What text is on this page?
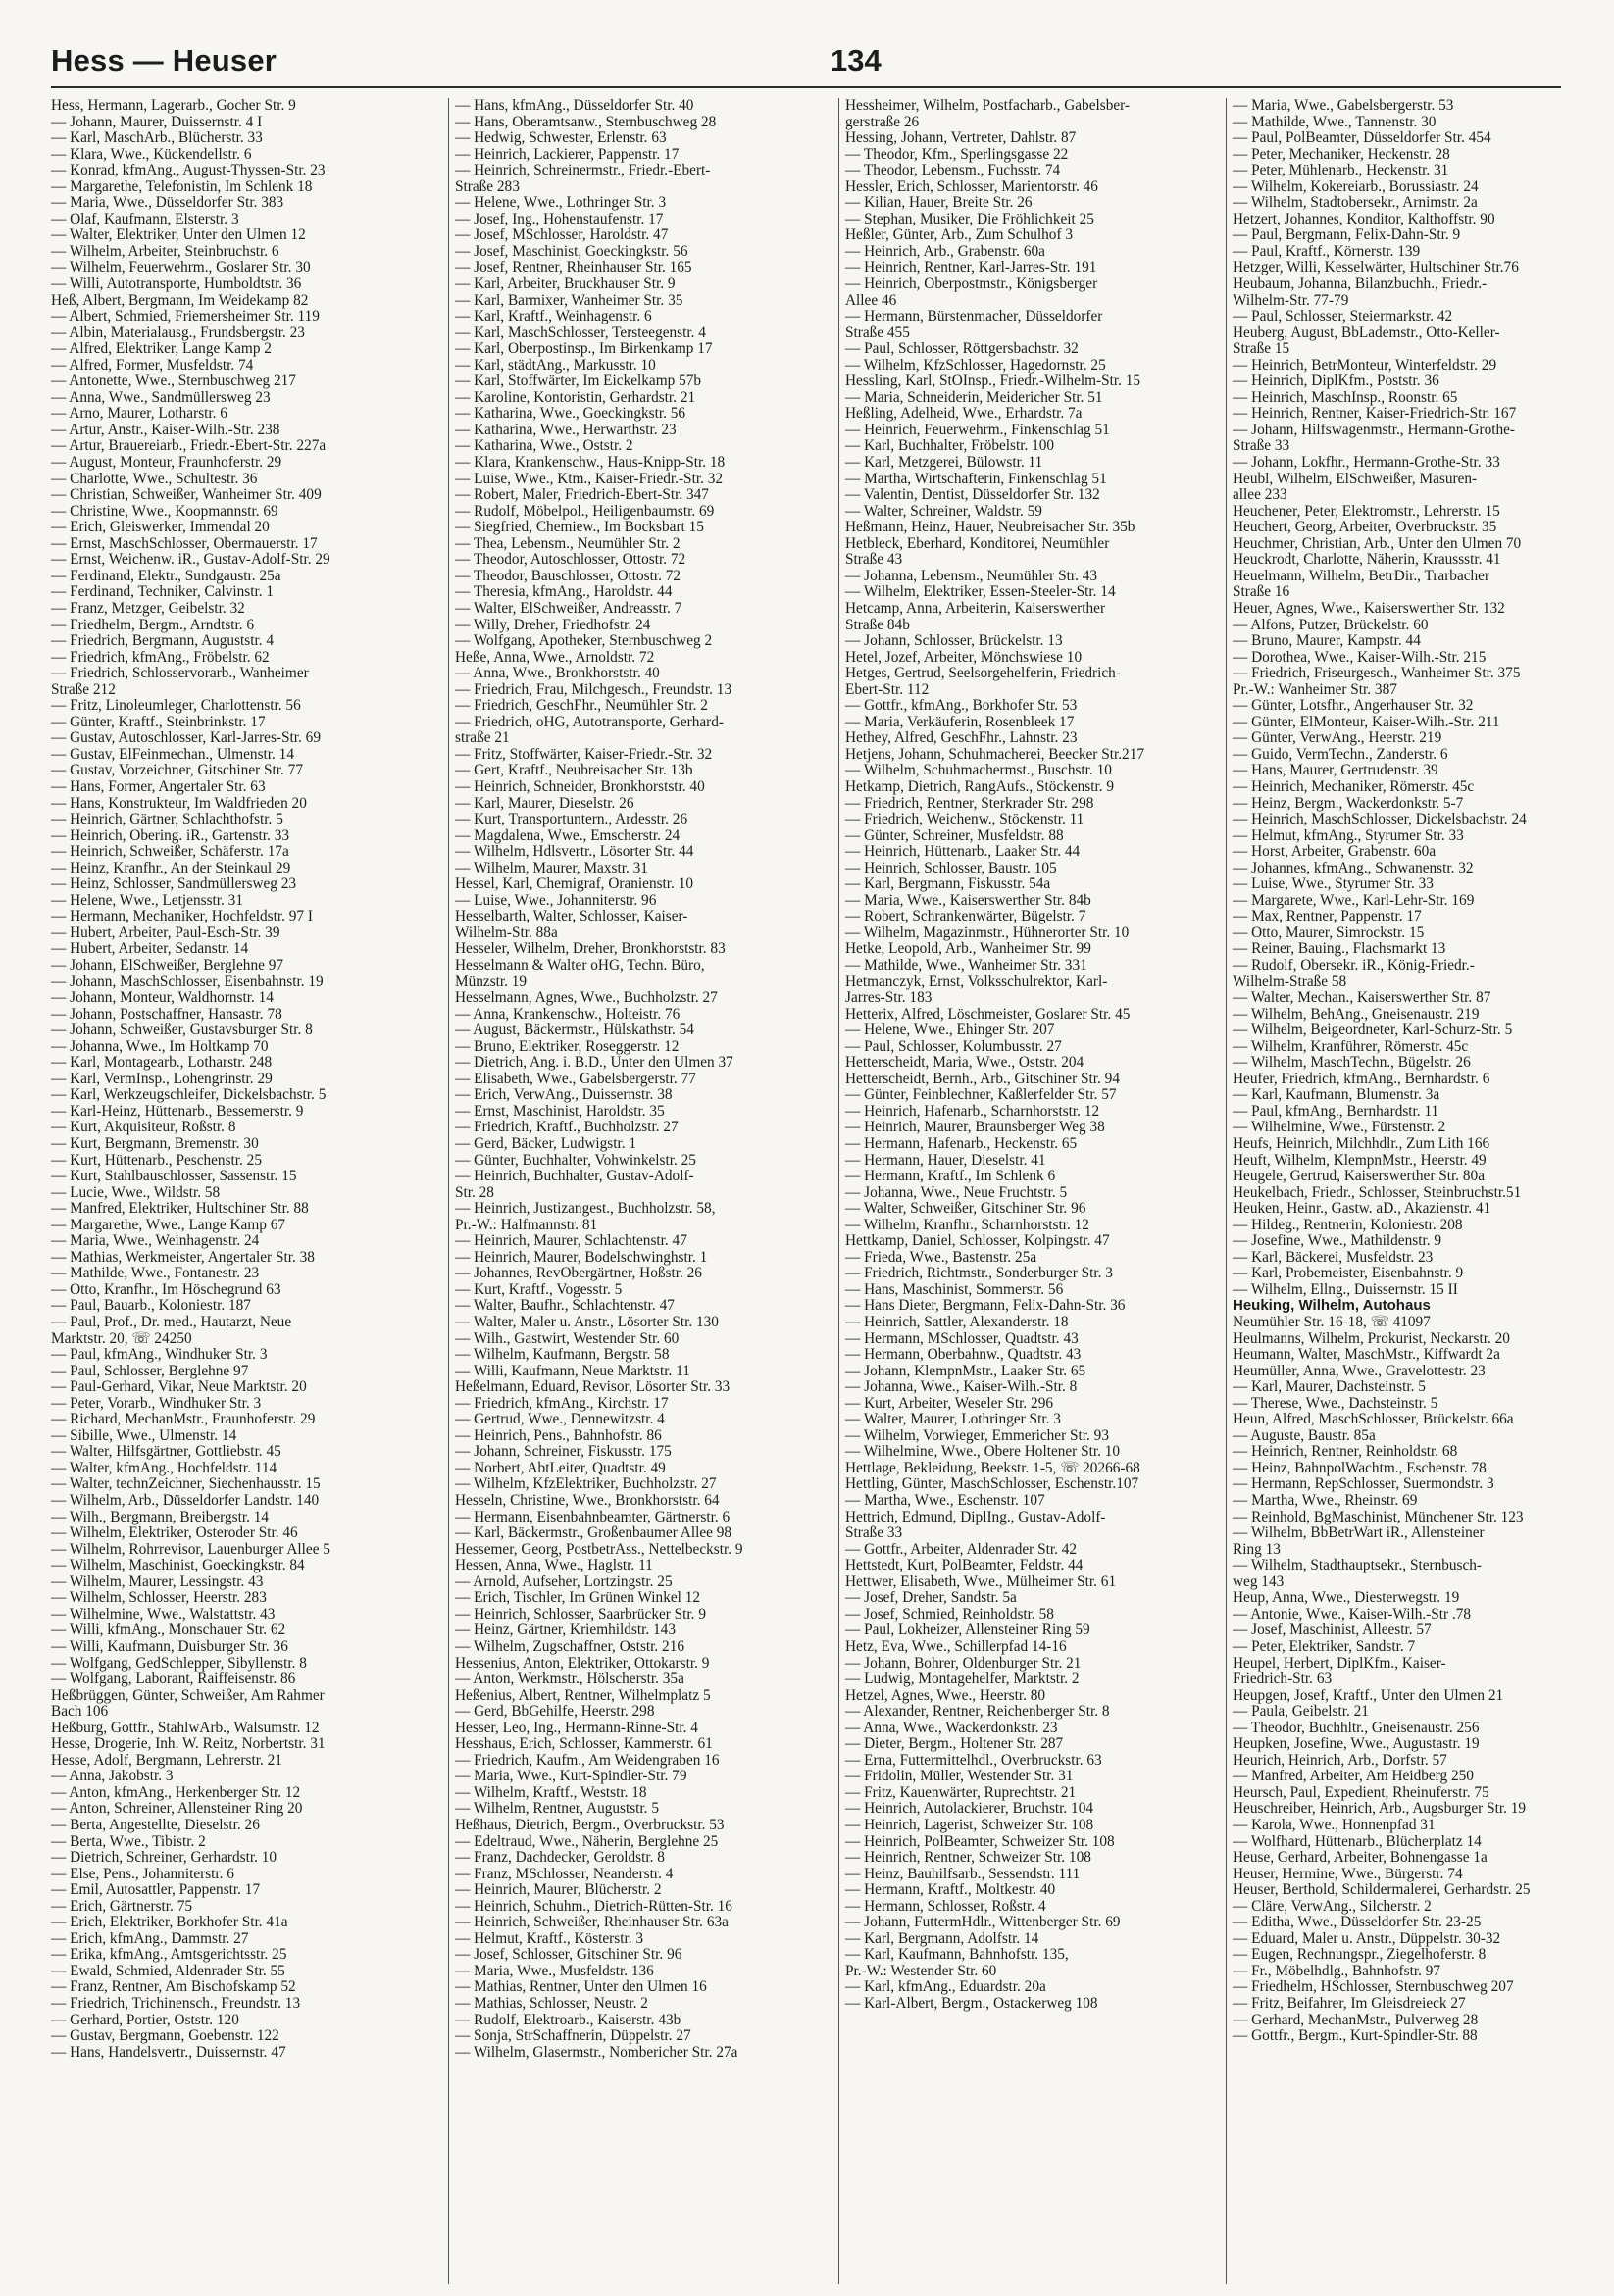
Hess — Heuser	134
Hess, Hermann, Lagerarb., Gocher Str. 9
— Johann, Maurer, Duissernstr. 4 I
— Karl, MaschArb., Blücherstr. 33
— Klara, Wwe., Kückendellstr. 6
— Konrad, kfmAng., August-Thyssen-Str. 23
— Margarethe, Telefonistin, Im Schlenk 18
— Maria, Wwe., Düsseldorfer Str. 383
— Olaf, Kaufmann, Elsterstr. 3
— Walter, Elektriker, Unter den Ulmen 12
— Wilhelm, Arbeiter, Steinbruchstr. 6
— Wilhelm, Feuerwehrm., Goslarer Str. 30
— Willi, Autotransporte, Humboldtstr. 36
Heß, Albert, Bergmann, Im Weidekamp 82
— Albert, Schmied, Friemersheimer Str. 119
— Albin, Materialausg., Frundsbergstr. 23
— Alfred, Elektriker, Lange Kamp 2
— Alfred, Former, Musfeldstr. 74
— Antonette, Wwe., Sternbuschweg 217
— Anna, Wwe., Sandmüllersweg 23
— Arno, Maurer, Lotharstr. 6
— Artur, Anstr., Kaiser-Wilh.-Str. 238
— Artur, Brauereiarb., Friedr.-Ebert-Str. 227a
— August, Monteur, Fraunhoferstr. 29
— Charlotte, Wwe., Schultestr. 36
— Christian, Schweißer, Wanheimer Str. 409
— Christine, Wwe., Koopmannstr. 69
— Erich, Gleiswerker, Immendal 20
— Ernst, MaschSchlosser, Obermauerstr. 17
— Ernst, Weichenw. iR., Gustav-Adolf-Str. 29
— Ferdinand, Elektr., Sundgaustr. 25a
— Ferdinand, Techniker, Calvinstr. 1
— Franz, Metzger, Geibelstr. 32
— Friedhelm, Bergm., Arndtstr. 6
— Friedrich, Bergmann, Auguststr. 4
— Friedrich, kfmAng., Fröbelstr. 62
— Friedrich, Schlosservorarb., Wanheimer
Straße 212
— Fritz, Linoleumleger, Charlottenstr. 56
— Günter, Kraftf., Steinbrinkstr. 17
— Gustav, Autoschlosser, Karl-Jarres-Str. 69
— Gustav, ElFeinmechan., Ulmenstr. 14
— Gustav, Vorzeichner, Gitschiner Str. 77
— Hans, Former, Angertaler Str. 63
— Hans, Konstrukteur, Im Waldfrieden 20
— Heinrich, Gärtner, Schlachthofstr. 5
— Heinrich, Obering. iR., Gartenstr. 33
— Heinrich, Schweißer, Schäferstr. 17a
— Heinz, Kranfhr., An der Steinkaul 29
— Heinz, Schlosser, Sandmüllersweg 23
— Helene, Wwe., Letjensstr. 31
— Hermann, Mechaniker, Hochfeldstr. 97 I
— Hubert, Arbeiter, Paul-Esch-Str. 39
— Hubert, Arbeiter, Sedanstr. 14
— Johann, ElSchweißer, Berglehne 97
— Johann, MaschSchlosser, Eisenbahnstr. 19
— Johann, Monteur, Waldhornstr. 14
— Johann, Postschaffner, Hansastr. 78
— Johann, Schweißer, Gustavsburger Str. 8
— Johanna, Wwe., Im Holtkamp 70
— Karl, Montagearb., Lotharstr. 248
— Karl, VermInsp., Lohengrinstr. 29
— Karl, Werkzeugschleifer, Dickelsbachstr. 5
— Karl-Heinz, Hüttenarb., Bessemerstr. 9
— Kurt, Akquisiteur, Roßstr. 8
— Kurt, Bergmann, Bremenstr. 30
— Kurt, Hüttenarb., Peschenstr. 25
— Kurt, Stahlbauschlosser, Sassenstr. 15
— Lucie, Wwe., Wildstr. 58
— Manfred, Elektriker, Hultschiner Str. 88
— Margarethe, Wwe., Lange Kamp 67
— Maria, Wwe., Weinhagenstr. 24
— Mathias, Werkmeister, Angertaler Str. 38
— Mathilde, Wwe., Fontanestr. 23
— Otto, Kranfhr., Im Höschegrund 63
— Paul, Bauarb., Koloniestr. 187
— Paul, Prof., Dr. med., Hautarzt, Neue
Marktstr. 20, ☏ 24250
— Paul, kfmAng., Windhuker Str. 3
— Paul, Schlosser, Berglehne 97
— Paul-Gerhard, Vikar, Neue Marktstr. 20
— Peter, Vorarb., Windhuker Str. 3
— Richard, MechanMstr., Fraunhoferstr. 29
— Sibille, Wwe., Ulmenstr. 14
— Walter, Hilfsgärtner, Gottliebstr. 45
— Walter, kfmAng., Hochfeldstr. 114
— Walter, technZeichner, Siechenhausstr. 15
— Wilhelm, Arb., Düsseldorfer Landstr. 140
— Wilh., Bergmann, Breibergstr. 14
— Wilhelm, Elektriker, Osteroder Str. 46
— Wilhelm, Rohrrevisor, Lauenburger Allee 5
— Wilhelm, Maschinist, Goeckingkstr. 84
— Wilhelm, Maurer, Lessingstr. 43
— Wilhelm, Schlosser, Heerstr. 283
— Wilhelmine, Wwe., Walstattstr. 43
— Willi, kfmAng., Monschauer Str. 62
— Willi, Kaufmann, Duisburger Str. 36
— Wolfgang, GedSchlepper, Sibyllenstr. 8
— Wolfgang, Laborant, Raiffeisenstr. 86
Heßbrüggen, Günter, Schweißer, Am Rahmer
Bach 106
Heßburg, Gottfr., StahlwArb., Walsumstr. 12
Hesse, Drogerie, Inh. W. Reitz, Norbertstr. 31
Hesse, Adolf, Bergmann, Lehrerstr. 21
— Anna, Jakobstr. 3
— Anton, kfmAng., Herkenberger Str. 12
— Anton, Schreiner, Allensteiner Ring 20
— Berta, Angestellte, Dieselstr. 26
— Berta, Wwe., Tibistr. 2
— Dietrich, Schreiner, Gerhardstr. 10
— Else, Pens., Johanniterstr. 6
— Emil, Autosattler, Pappenstr. 17
— Erich, Gärtnerstr. 75
— Erich, Elektriker, Borkhofer Str. 41a
— Erich, kfmAng., Dammstr. 27
— Erika, kfmAng., Amtsgerichtsstr. 25
— Ewald, Schmied, Aldenrader Str. 55
— Franz, Rentner, Am Bischofskamp 52
— Friedrich, Trichinensch., Freundstr. 13
— Gerhard, Portier, Oststr. 120
— Gustav, Bergmann, Goebenstr. 122
— Hans, Handelsvertr., Duissernstr. 47
— Hans, kfmAng., Düsseldorfer Str. 40
— Hans, Oberamtsanw., Sternbuschweg 28
— Hedwig, Schwester, Erlenstr. 63
— Heinrich, Lackierer, Pappenstr. 17
— Heinrich, Schreinermstr., Friedr.-Ebert-
Straße 283
— Helene, Wwe., Lothringer Str. 3
— Josef, Ing., Hohenstaufenstr. 17
— Josef, MSchlosser, Haroldstr. 47
— Josef, Maschinist, Goeckingkstr. 56
— Josef, Rentner, Rheinhauser Str. 165
— Karl, Arbeiter, Bruckhauser Str. 9
— Karl, Barmixer, Wanheimer Str. 35
— Karl, Kraftf., Weinhagenstr. 6
— Karl, MaschSchlosser, Tersteegenstr. 4
— Karl, Oberpostinsp., Im Birkenkamp 17
— Karl, städtAng., Markusstr. 10
— Karl, Stoffwärter, Im Eickelkamp 57b
— Karoline, Kontoristin, Gerhardstr. 21
— Katharina, Wwe., Goeckingkstr. 56
— Katharina, Wwe., Herwarthstr. 23
— Katharina, Wwe., Oststr. 2
— Klara, Krankenschw., Haus-Knipp-Str. 18
— Luise, Wwe., Ktm., Kaiser-Friedr.-Str. 32
— Robert, Maler, Friedrich-Ebert-Str. 347
— Rudolf, Möbelpol., Heiligenbaumstr. 69
— Siegfried, Chemiew., Im Bocksbart 15
— Thea, Lebensm., Neumühler Str. 2
— Theodor, Autoschlosser, Ottostr. 72
— Theodor, Bauschlosser, Ottostr. 72
— Theresia, kfmAng., Haroldstr. 44
— Walter, ElSchweißer, Andreasstr. 7
— Willy, Dreher, Friedhofstr. 24
— Wolfgang, Apotheker, Sternbuschweg 2
Heße, Anna, Wwe., Arnoldstr. 72
— Anna, Wwe., Bronkhorststr. 40
— Friedrich, Frau, Milchgesch., Freundstr. 13
— Friedrich, GeschFhr., Neumühler Str. 2
— Friedrich, oHG, Autotransporte, Gerhard-
straße 21
— Fritz, Stoffwärter, Kaiser-Friedr.-Str. 32
— Gert, Kraftf., Neubreisacher Str. 13b
— Heinrich, Schneider, Bronkhorststr. 40
— Karl, Maurer, Dieselstr. 26
— Kurt, Transportuntern., Ardesstr. 26
— Magdalena, Wwe., Emscherstr. 24
— Wilhelm, Hdlsvertr., Lösorter Str. 44
— Wilhelm, Maurer, Maxstr. 31
Hessel, Karl, Chemigraf, Oranienstr. 10
— Luise, Wwe., Johanniterstr. 96
Hesselbarth, Walter, Schlosser, Kaiser-
Wilhelm-Str. 88a
Hesseler, Wilhelm, Dreher, Bronkhorststr. 83
Hesselmann & Walter oHG, Techn. Büro,
Münzstr. 19
Hesselmann, Agnes, Wwe., Buchholzstr. 27
— Anna, Krankenschw., Holteistr. 76
— August, Bäckermstr., Hülskathstr. 54
— Bruno, Elektriker, Roseggerstr. 12
— Dietrich, Ang. i. B.D., Unter den Ulmen 37
— Elisabeth, Wwe., Gabelsbergerstr. 77
— Erich, VerwAng., Duissernstr. 38
— Ernst, Maschinist, Haroldstr. 35
— Friedrich, Kraftf., Buchholzstr. 27
— Gerd, Bäcker, Ludwigstr. 1
— Günter, Buchhalter, Vohwinkelstr. 25
— Heinrich, Buchhalter, Gustav-Adolf-
Str. 28
— Heinrich, Justizangest., Buchholzstr. 58,
Pr.-W.: Halfmannstr. 81
— Heinrich, Maurer, Schlachtenstr. 47
— Heinrich, Maurer, Bodelschwinghstr. 1
— Johannes, RevObergärtner, Hoßstr. 26
— Kurt, Kraftf., Vogesstr. 5
— Walter, Baufhr., Schlachtenstr. 47
— Walter, Maler u. Anstr., Lösorter Str. 130
— Wilh., Gastwirt, Westender Str. 60
— Wilhelm, Kaufmann, Bergstr. 58
— Willi, Kaufmann, Neue Marktstr. 11
Heßelmann, Eduard, Revisor, Lösorter Str. 33
— Friedrich, kfmAng., Kirchstr. 17
— Gertrud, Wwe., Dennewitzstr. 4
— Heinrich, Pens., Bahnhofstr. 86
— Johann, Schreiner, Fiskusstr. 175
— Norbert, AbtLeiter, Quadtstr. 49
— Wilhelm, KfzElektriker, Buchholzstr. 27
Hesseln, Christine, Wwe., Bronkhorststr. 64
— Hermann, Eisenbahnbeamter, Gärtnerstr. 6
— Karl, Bäckermstr., Großenbaumer Allee 98
Hessemer, Georg, PostbetrAss., Nettelbeckstr. 9
Hessen, Anna, Wwe., Haglstr. 11
— Arnold, Aufseher, Lortzingstr. 25
— Erich, Tischler, Im Grünen Winkel 12
— Heinrich, Schlosser, Saarbrücker Str. 9
— Heinz, Gärtner, Kriemhildstr. 143
— Wilhelm, Zugschaffner, Oststr. 216
Hessenius, Anton, Elektriker, Ottokarstr. 9
— Anton, Werkmstr., Hölscherstr. 35a
Heßenius, Albert, Rentner, Wilhelmplatz 5
— Gerd, BbGehilfe, Heerstr. 298
Hesser, Leo, Ing., Hermann-Rinne-Str. 4
Hesshaus, Erich, Schlosser, Kammerstr. 61
— Friedrich, Kaufm., Am Weidengraben 16
— Maria, Wwe., Kurt-Spindler-Str. 79
— Wilhelm, Kraftf., Weststr. 18
— Wilhelm, Rentner, Auguststr. 5
Heßhaus, Dietrich, Bergm., Overbruckstr. 53
— Edeltraud, Wwe., Näherin, Berglehne 25
— Franz, Dachdecker, Geroldstr. 8
— Franz, MSchlosser, Neanderstr. 4
— Heinrich, Maurer, Blücherstr. 2
— Heinrich, Schuhm., Dietrich-Rütten-Str. 16
— Heinrich, Schweißer, Rheinhauser Str. 63a
— Helmut, Kraftf., Kösterstr. 3
— Josef, Schlosser, Gitschiner Str. 96
— Maria, Wwe., Musfeldstr. 136
— Mathias, Rentner, Unter den Ulmen 16
— Mathias, Schlosser, Neustr. 2
— Rudolf, Elektroarb., Kaiserstr. 43b
— Sonja, StrSchaffnerin, Düppelstr. 27
— Wilhelm, Glasermstr., Nombericher Str. 27a
Hessheimer, Wilhelm, Postfacharb., Gabelsber-
gerstraße 26
Hessing, Johann, Vertreter, Dahlstr. 87
— Theodor, Kfm., Sperlingsgasse 22
— Theodor, Lebensm., Fuchsstr. 74
Hessler, Erich, Schlosser, Marientorstr. 46
— Kilian, Hauer, Breite Str. 26
— Stephan, Musiker, Die Fröhlichkeit 25
Heßler, Günter, Arb., Zum Schulhof 3
— Heinrich, Arb., Grabenstr. 60a
— Heinrich, Rentner, Karl-Jarres-Str. 191
— Heinrich, Oberpostmstr., Königsberger
Allee 46
— Hermann, Bürstenmacher, Düsseldorfer
Straße 455
— Paul, Schlosser, Röttgersbachstr. 32
— Wilhelm, KfzSchlosser, Hagedornstr. 25
Hessling, Karl, StOInsp., Friedr.-Wilhelm-Str. 15
— Maria, Schneiderin, Meidericher Str. 51
Heßling, Adelheid, Wwe., Erhardstr. 7a
— Heinrich, Feuerwehrm., Finkenschlag 51
— Karl, Buchhalter, Fröbelstr. 100
— Karl, Metzgerei, Bülowstr. 11
— Martha, Wirtschafterin, Finkenschlag 51
— Valentin, Dentist, Düsseldorfer Str. 132
— Walter, Schreiner, Waldstr. 59
Heßmann, Heinz, Hauer, Neubreisacher Str. 35b
Hetbleck, Eberhard, Konditorei, Neumühler
Straße 43
— Johanna, Lebensm., Neumühler Str. 43
— Wilhelm, Elektriker, Essen-Steeler-Str. 14
Hetcamp, Anna, Arbeiterin, Kaiserswerther
Straße 84b
— Johann, Schlosser, Brückelstr. 13
Hetel, Jozef, Arbeiter, Mönchswiese 10
Hetges, Gertrud, Seelsorgehelferin, Friedrich-
Ebert-Str. 112
— Gottfr., kfmAng., Borkhofer Str. 53
— Maria, Verkäuferin, Rosenbleek 17
Hethey, Alfred, GeschFhr., Lahnstr. 23
Hetjens, Johann, Schuhmacherei, Beecker Str.217
— Wilhelm, Schuhmachermst., Buschstr. 10
Hetkamp, Dietrich, RangAufs., Stöckenstr. 9
— Friedrich, Rentner, Sterkrader Str. 298
— Friedrich, Weichenw., Stöckenstr. 11
— Günter, Schreiner, Musfeldstr. 88
— Heinrich, Hüttenarb., Laaker Str. 44
— Heinrich, Schlosser, Baustr. 105
— Karl, Bergmann, Fiskusstr. 54a
— Maria, Wwe., Kaiserswerther Str. 84b
— Robert, Schrankenwärter, Bügelstr. 7
— Wilhelm, Magazinmstr., Hühnerorter Str. 10
Hetke, Leopold, Arb., Wanheimer Str. 99
— Mathilde, Wwe., Wanheimer Str. 331
Hetmanczyk, Ernst, Volksschulrektor, Karl-
Jarres-Str. 183
Hetterix, Alfred, Löschmeister, Goslarer Str. 45
— Helene, Wwe., Ehinger Str. 207
— Paul, Schlosser, Kolumbusstr. 27
Hetterscheidt, Maria, Wwe., Oststr. 204
Hetterscheidt, Bernh., Arb., Gitschiner Str. 94
— Günter, Feinblechner, Kaßlerfelder Str. 57
— Heinrich, Hafenarb., Scharnhorststr. 12
— Heinrich, Maurer, Braunsberger Weg 38
— Hermann, Hafenarb., Heckenstr. 65
— Hermann, Hauer, Dieselstr. 41
— Hermann, Kraftf., Im Schlenk 6
— Johanna, Wwe., Neue Fruchtstr. 5
— Walter, Schweißer, Gitschiner Str. 96
— Wilhelm, Kranfhr., Scharnhorststr. 12
Hettkamp, Daniel, Schlosser, Kolpingstr. 47
— Frieda, Wwe., Bastenstr. 25a
— Friedrich, Richtmstr., Sonderburger Str. 3
— Hans, Maschinist, Sommerstr. 56
— Hans Dieter, Bergmann, Felix-Dahn-Str. 36
— Heinrich, Sattler, Alexanderstr. 18
— Hermann, MSchlosser, Quadtstr. 43
— Hermann, Oberbahnw., Quadtstr. 43
— Johann, KlempnMstr., Laaker Str. 65
— Johanna, Wwe., Kaiser-Wilh.-Str. 8
— Kurt, Arbeiter, Weseler Str. 296
— Walter, Maurer, Lothringer Str. 3
— Wilhelm, Vorwieger, Emmericher Str. 93
— Wilhelmine, Wwe., Obere Holtener Str. 10
Hettlage, Bekleidung, Beekstr. 1-5, ☏ 20266-68
Hettling, Günter, MaschSchlosser, Eschenstr.107
— Martha, Wwe., Eschenstr. 107
Hettrich, Edmund, DiplIng., Gustav-Adolf-
Straße 33
— Gottfr., Arbeiter, Aldenrader Str. 42
Hettstedt, Kurt, PolBeamter, Feldstr. 44
Hettwer, Elisabeth, Wwe., Mülheimer Str. 61
— Josef, Dreher, Sandstr. 5a
— Josef, Schmied, Reinholdstr. 58
— Paul, Lokheizer, Allensteiner Ring 59
Hetz, Eva, Wwe., Schillerpfad 14-16
— Johann, Bohrer, Oldenburger Str. 21
— Ludwig, Montagehelfer, Marktstr. 2
Hetzel, Agnes, Wwe., Heerstr. 80
— Alexander, Rentner, Reichenberger Str. 8
— Anna, Wwe., Wackerdonkstr. 23
— Dieter, Bergm., Holtener Str. 287
— Erna, Futtermittelhdl., Overbruckstr. 63
— Fridolin, Müller, Westender Str. 31
— Fritz, Kauenwärter, Ruprechtstr. 21
— Heinrich, Autolackierer, Bruchstr. 104
— Heinrich, Lagerist, Schweizer Str. 108
— Heinrich, PolBeamter, Schweizer Str. 108
— Heinrich, Rentner, Schweizer Str. 108
— Heinz, Bauhilfsarb., Sessendstr. 111
— Hermann, Kraftf., Moltkestr. 40
— Hermann, Schlosser, Roßstr. 4
— Johann, FuttermHdlr., Wittenberger Str. 69
— Karl, Bergmann, Adolfstr. 14
— Karl, Kaufmann, Bahnhofstr. 135,
Pr.-W.: Westender Str. 60
— Karl, kfmAng., Eduardstr. 20a
— Karl-Albert, Bergm., Ostackerweg 108
— Maria, Wwe., Gabelsbergerstr. 53
— Mathilde, Wwe., Tannenstr. 30
— Paul, PolBeamter, Düsseldorfer Str. 454
— Peter, Mechaniker, Heckenstr. 28
— Peter, Mühlenarb., Heckenstr. 31
— Wilhelm, Kokereiarb., Borussiastr. 24
— Wilhelm, Stadtobersekr., Arnimstr. 2a
Hetzert, Johannes, Konditor, Kalthoffstr. 90
— Paul, Bergmann, Felix-Dahn-Str. 9
— Paul, Kraftf., Körnerstr. 139
Hetzger, Willi, Kesselwärter, Hultschiner Str.76
Heubaum, Johanna, Bilanzbuchh., Friedr.-
Wilhelm-Str. 77-79
— Paul, Schlosser, Steiermarkstr. 42
Heuberg, August, BbLademstr., Otto-Keller-
Straße 15
— Heinrich, BetrMonteur, Winterfeldstr. 29
— Heinrich, DiplKfm., Poststr. 36
— Heinrich, MaschInsp., Roonstr. 65
— Heinrich, Rentner, Kaiser-Friedrich-Str. 167
— Johann, Hilfswagenmstr., Hermann-Grothe-
Straße 33
— Johann, Lokfhr., Hermann-Grothe-Str. 33
Heubl, Wilhelm, ElSchweißer, Masuren-
allee 233
Heuchener, Peter, Elektromstr., Lehrerstr. 15
Heuchert, Georg, Arbeiter, Overbruckstr. 35
Heuchmer, Christian, Arb., Unter den Ulmen 70
Heuckrodt, Charlotte, Näherin, Kraussstr. 41
Heuelmann, Wilhelm, BetrDir., Trarbacher
Straße 16
Heuer, Agnes, Wwe., Kaiserswerther Str. 132
— Alfons, Putzer, Brückelstr. 60
— Bruno, Maurer, Kampstr. 44
— Dorothea, Wwe., Kaiser-Wilh.-Str. 215
— Friedrich, Friseurgesch., Wanheimer Str. 375
Pr.-W.: Wanheimer Str. 387
— Günter, Lotsfhr., Angerhauser Str. 32
— Günter, ElMonteur, Kaiser-Wilh.-Str. 211
— Günter, VerwAng., Heerstr. 219
— Guido, VermTechn., Zanderstr. 6
— Hans, Maurer, Gertrudenstr. 39
— Heinrich, Mechaniker, Römerstr. 45c
— Heinz, Bergm., Wackerdonkstr. 5-7
— Heinrich, MaschSchlosser, Dickelsbachstr. 24
— Helmut, kfmAng., Styrumer Str. 33
— Horst, Arbeiter, Grabenstr. 60a
— Johannes, kfmAng., Schwanenstr. 32
— Luise, Wwe., Styrumer Str. 33
— Margarete, Wwe., Karl-Lehr-Str. 169
— Max, Rentner, Pappenstr. 17
— Otto, Maurer, Simrockstr. 15
— Reiner, Bauing., Flachsmarkt 13
— Rudolf, Obersekr. iR., König-Friedr.-
Wilhelm-Straße 58
— Walter, Mechan., Kaiserswerther Str. 87
— Wilhelm, BehAng., Gneisenaustr. 219
— Wilhelm, Beigeordneter, Karl-Schurz-Str. 5
— Wilhelm, Kranführer, Römerstr. 45c
— Wilhelm, MaschTechn., Bügelstr. 26
Heufer, Friedrich, kfmAng., Bernhardstr. 6
— Karl, Kaufmann, Blumenstr. 3a
— Paul, kfmAng., Bernhardstr. 11
— Wilhelmine, Wwe., Fürstenstr. 2
Heufs, Heinrich, Milchhdlr., Zum Lith 166
Heuft, Wilhelm, KlempnMstr., Heerstr. 49
Heugele, Gertrud, Kaiserswerther Str. 80a
Heukelbach, Friedr., Schlosser, Steinbruchstr.51
Heuken, Heinr., Gastw. aD., Akazienstr. 41
— Hildeg., Rentnerin, Koloniestr. 208
— Josefine, Wwe., Mathildenstr. 9
— Karl, Bäckerei, Musfeldstr. 23
— Karl, Probemeister, Eisenbahnstr. 9
— Wilhelm, Ellng., Duissernstr. 15 II
Heuking, Wilhelm, Autohaus
Neumühler Str. 16-18, ☏ 41097
Heulmanns, Wilhelm, Prokurist, Neckarstr. 20
Heumann, Walter, MaschMstr., Kiffwardt 2a
Heumüller, Anna, Wwe., Gravelottestr. 23
— Karl, Maurer, Dachsteinstr. 5
— Therese, Wwe., Dachsteinstr. 5
Heun, Alfred, MaschSchlosser, Brückelstr. 66a
— Auguste, Baustr. 85a
— Heinrich, Rentner, Reinholdstr. 68
— Heinz, BahnpolWachtm., Eschenstr. 78
— Hermann, RepSchlosser, Suermondstr. 3
— Martha, Wwe., Rheinstr. 69
— Reinhold, BgMaschinist, Münchener Str. 123
— Wilhelm, BbBetrWart iR., Allensteiner
Ring 13
— Wilhelm, Stadthauptsekr., Sternbusch-
weg 143
Heup, Anna, Wwe., Diesterwegstr. 19
— Antonie, Wwe., Kaiser-Wilh.-Str .78
— Josef, Maschinist, Alleestr. 57
— Peter, Elektriker, Sandstr. 7
Heupel, Herbert, DiplKfm., Kaiser-
Friedrich-Str. 63
Heupgen, Josef, Kraftf., Unter den Ulmen 21
— Paula, Geibelstr. 21
— Theodor, Buchhltr., Gneisenaustr. 256
Heupken, Josefine, Wwe., Augustastr. 19
Heurich, Heinrich, Arb., Dorfstr. 57
— Manfred, Arbeiter, Am Heidberg 250
Heursch, Paul, Expedient, Rheinuferstr. 75
Heuschreiber, Heinrich, Arb., Augsburger Str. 19
— Karola, Wwe., Honnenpfad 31
— Wolfhard, Hüttenarb., Blücherplatz 14
Heuse, Gerhard, Arbeiter, Bohnengasse 1a
Heuser, Hermine, Wwe., Bürgerstr. 74
Heuser, Berthold, Schildermalerei, Gerhardstr. 25
— Cläre, VerwAng., Silcherstr. 2
— Editha, Wwe., Düsseldorfer Str. 23-25
— Eduard, Maler u. Anstr., Düppelstr. 30-32
— Eugen, Rechnungspr., Ziegelhoferstr. 8
— Fr., Möbelhdlg., Bahnhofstr. 97
— Friedhelm, HSchlosser, Sternbuschweg 207
— Fritz, Beifahrer, Im Gleisdreieck 27
— Gerhard, MechanMstr., Pulverweg 28
— Gottfr., Bergm., Kurt-Spindler-Str. 88
